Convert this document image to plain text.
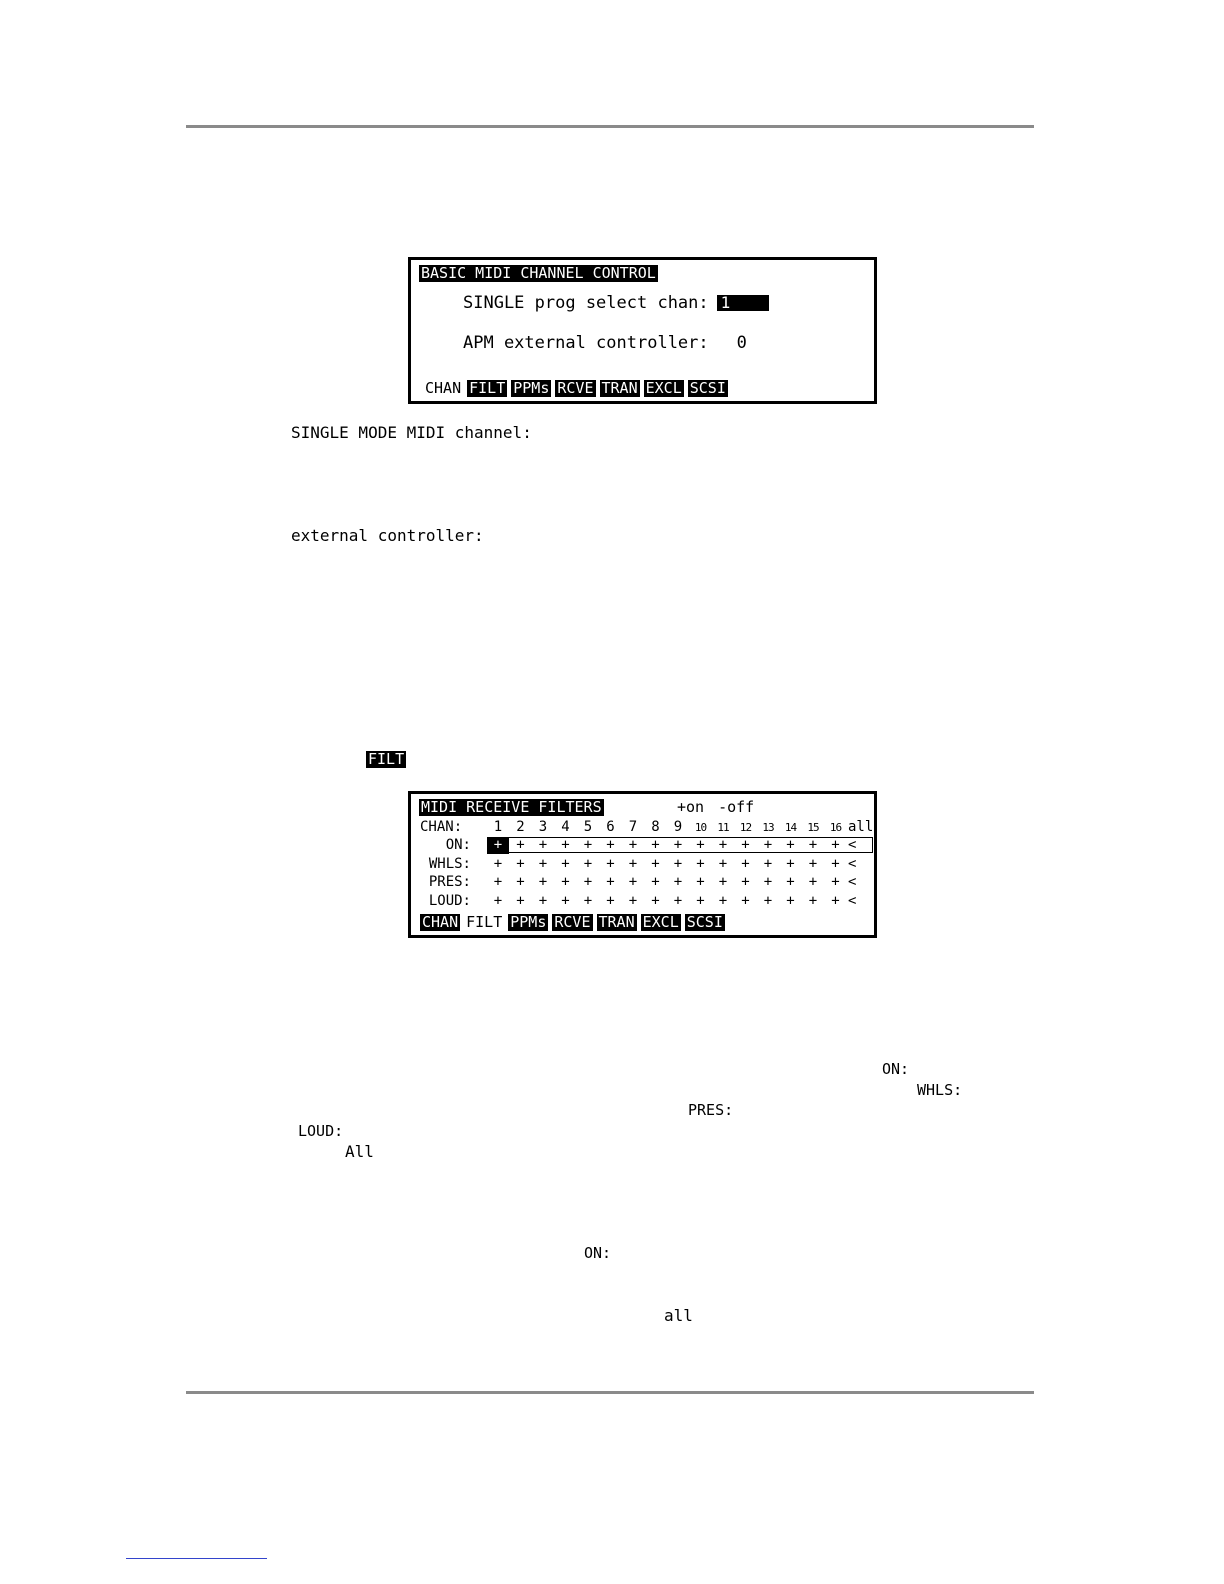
BASIC MIDI CHANNEL CONTROL
SINGLE prog select chan: 1
APM external controller: 0
CHAN FILT PPMs RCVE TRAN EXCL SCSI
SINGLE MODE MIDI channel:
external controller:
FILT
MIDI RECEIVE FILTERS	+on -off
CHAN:	1	2	3	4	5	6	7	8	9	10	11	12	13	14	15	16 all
ON:	+	+	+	+	+	+	+	+	+	+	+	+	+	+	+	+ <
WHLS:	+	+	+	+	+	+	+	+	+	+	+	+	+	+	+	+ <
PRES:	+	+	+	+	+	+	+	+	+	+	+	+	+	+	+	+ <
LOUD:	+	+	+	+	+	+	+	+	+	+	+	+	+	+	+	+ <
CHAN FILT PPMs RCVE TRAN EXCL SCSI
ON:
WHLS:
PRES:
LOUD:
All
ON:
all
